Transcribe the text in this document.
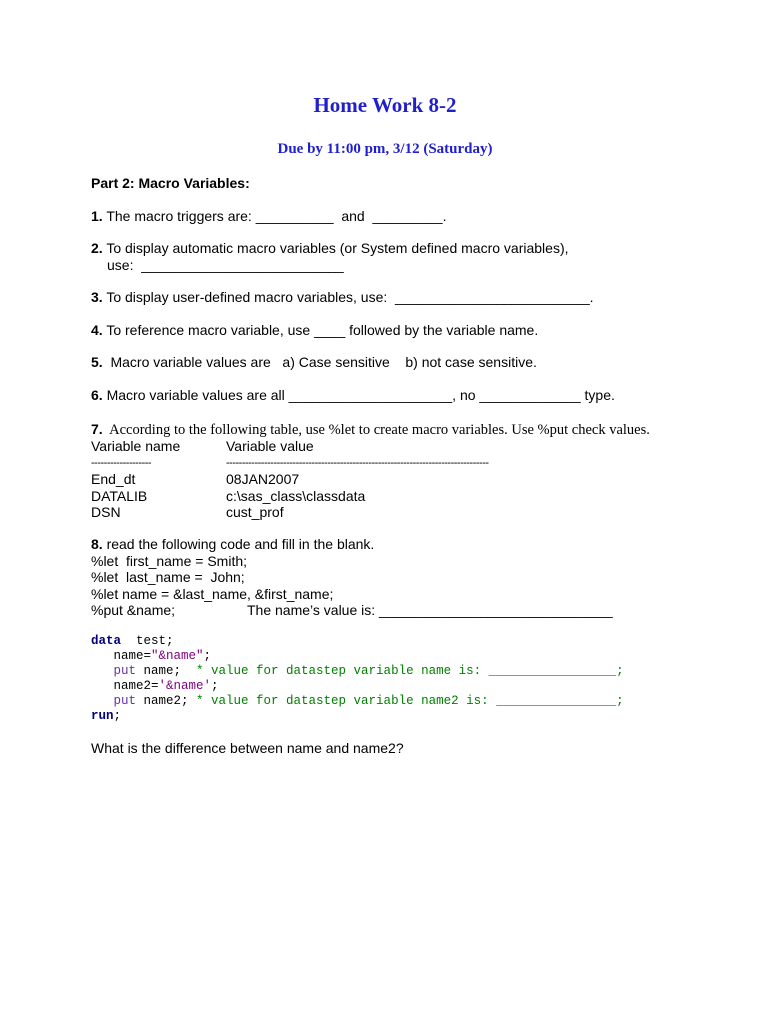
Home Work 8-2
Due by 11:00 pm, 3/12 (Saturday)
Part 2: Macro Variables:
1. The macro triggers are: __________  and  _________.
2. To display automatic macro variables (or System defined macro variables),
use:  __________________________
3. To display user-defined macro variables, use:  _________________________.
4. To reference macro variable, use ____ followed by the variable name.
5.  Macro variable values are   a) Case sensitive    b) not case sensitive.
6. Macro variable values are all _____________________, no _____________ type.
7.  According to the following table, use %let to create macro variables. Use %put check values.
Variable name	Variable value
-------------------	-----------------------------------------------------------------------------------
End_dt	08JAN2007
DATALIB	c:\sas_class\classdata
DSN	cust_prof
8. read the following code and fill in the blank.
%let  first_name = Smith;
%let  last_name =  John;
%let name = &last_name, &first_name;
%put &name;	The name’s value is: ______________________________
data  test;
name="&name";
put name;  * value for datastep variable name is: _________________;
name2='&name';
put name2; * value for datastep variable name2 is: ________________;
run;
What is the difference between name and name2?
